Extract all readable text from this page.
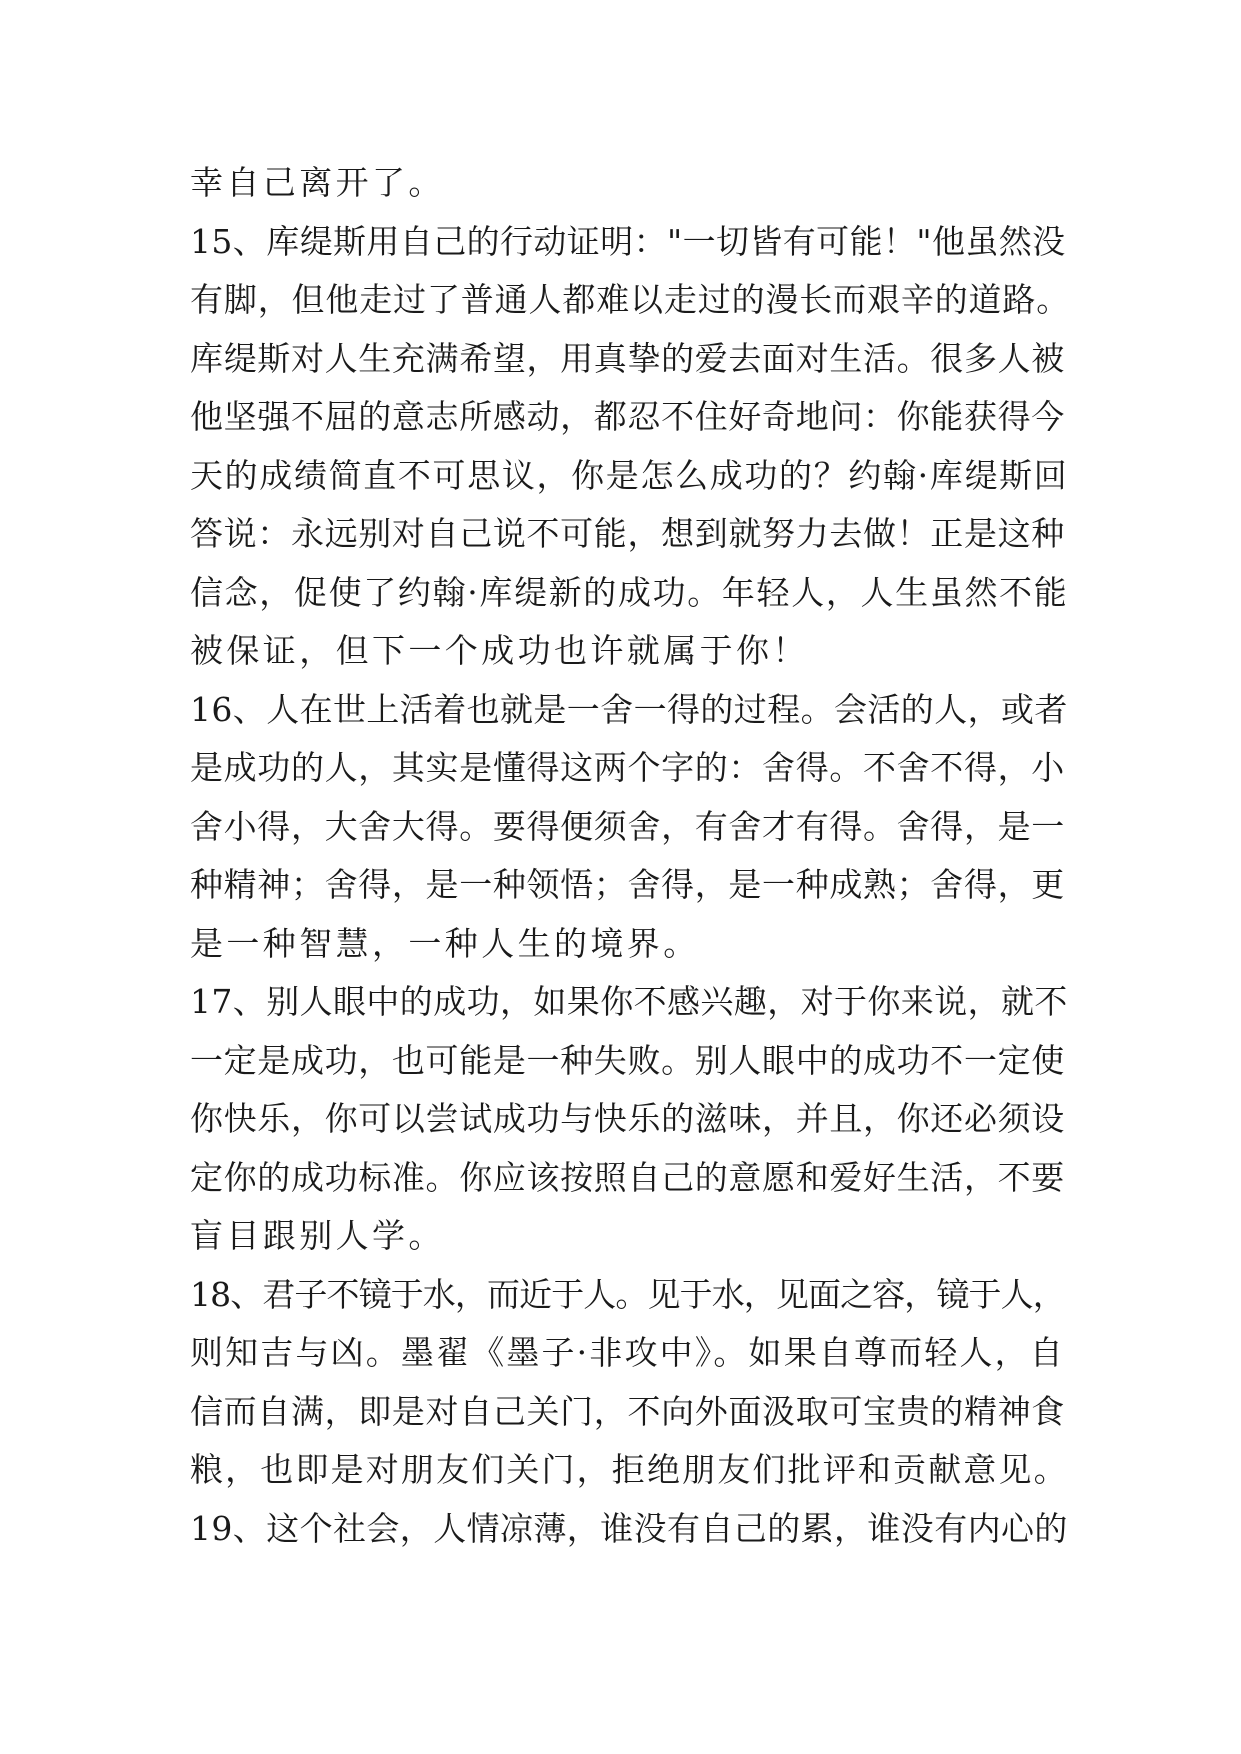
幸自己离开了。
15、库缇斯用自己的行动证明："一切皆有可能！"他虽然没
有脚，但他走过了普通人都难以走过的漫长而艰辛的道路。
库缇斯对人生充满希望，用真挚的爱去面对生活。很多人被
他坚强不屈的意志所感动，都忍不住好奇地问：你能获得今
天的成绩简直不可思议，你是怎么成功的？约翰·库缇斯回
答说：永远别对自己说不可能，想到就努力去做！正是这种
信念，促使了约翰·库缇新的成功。年轻人，人生虽然不能
被保证，但下一个成功也许就属于你！
16、人在世上活着也就是一舍一得的过程。会活的人，或者
是成功的人，其实是懂得这两个字的：舍得。不舍不得，小
舍小得，大舍大得。要得便须舍，有舍才有得。舍得，是一
种精神；舍得，是一种领悟；舍得，是一种成熟；舍得，更
是一种智慧，一种人生的境界。
17、别人眼中的成功，如果你不感兴趣，对于你来说，就不
一定是成功，也可能是一种失败。别人眼中的成功不一定使
你快乐，你可以尝试成功与快乐的滋味，并且，你还必须设
定你的成功标准。你应该按照自己的意愿和爱好生活，不要
盲目跟别人学。
18、君子不镜于水，而近于人。见于水，见面之容，镜于人，
则知吉与凶。墨翟《墨子·非攻中》。如果自尊而轻人，自
信而自满，即是对自己关门，不向外面汲取可宝贵的精神食
粮，也即是对朋友们关门，拒绝朋友们批评和贡献意见。
19、这个社会，人情凉薄，谁没有自己的累，谁没有内心的
